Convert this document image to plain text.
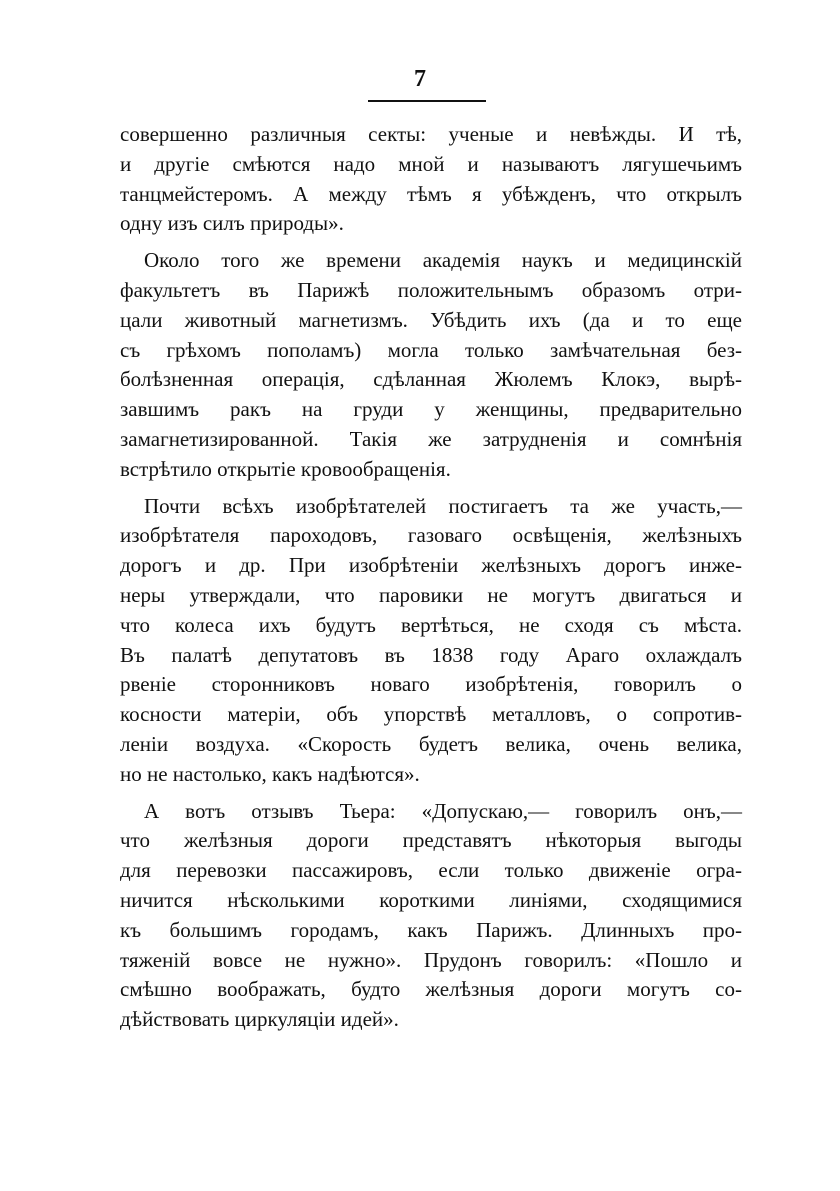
7

совершенно различныя секты: ученые и невѣжды. И тѣ,
и другіе смѣются надо мной и называютъ лягушечьимъ
танцмейстеромъ. А между тѣмъ я убѣжденъ, что открылъ
одну изъ силъ природы».

Около того же времени академія наукъ и медицинскій
факультетъ въ Парижѣ положительнымъ образомъ отри-
цали животный магнетизмъ. Убѣдить ихъ (да и то еще
съ грѣхомъ пополамъ) могла только замѣчательная без-
болѣзненная операція, сдѣланная Жюлемъ Клокэ, вырѣ-
завшимъ ракъ на груди у женщины, предварительно
замагнетизированной. Такія же затрудненія и сомнѣнія
встрѣтило открытіе кровообращенія.

Почти всѣхъ изобрѣтателей постигаетъ та же участь,—
изобрѣтателя пароходовъ, газоваго освѣщенія, желѣзныхъ
дорогъ и др. При изобрѣтеніи желѣзныхъ дорогъ инже-
неры утверждали, что паровики не могутъ двигаться и
что колеса ихъ будутъ вертѣться, не сходя съ мѣста.
Въ палатѣ депутатовъ въ 1838 году Араго охлаждалъ
рвеніе сторонниковъ новаго изобрѣтенія, говорилъ о
косности матеріи, объ упорствѣ металловъ, о сопротив-
леніи воздуха. «Скорость будетъ велика, очень велика,
но не настолько, какъ надѣются».

А вотъ отзывъ Тьера: «Допускаю,— говорилъ онъ,—
что желѣзныя дороги представятъ нѣкоторыя выгоды
для перевозки пассажировъ, если только движеніе огра-
ничится нѣсколькими короткими линіями, сходящимися
къ большимъ городамъ, какъ Парижъ. Длинныхъ про-
тяженій вовсе не нужно». Прудонъ говорилъ: «Пошло и
смѣшно воображать, будто желѣзныя дороги могутъ со-
дѣйствовать циркуляціи идей».
